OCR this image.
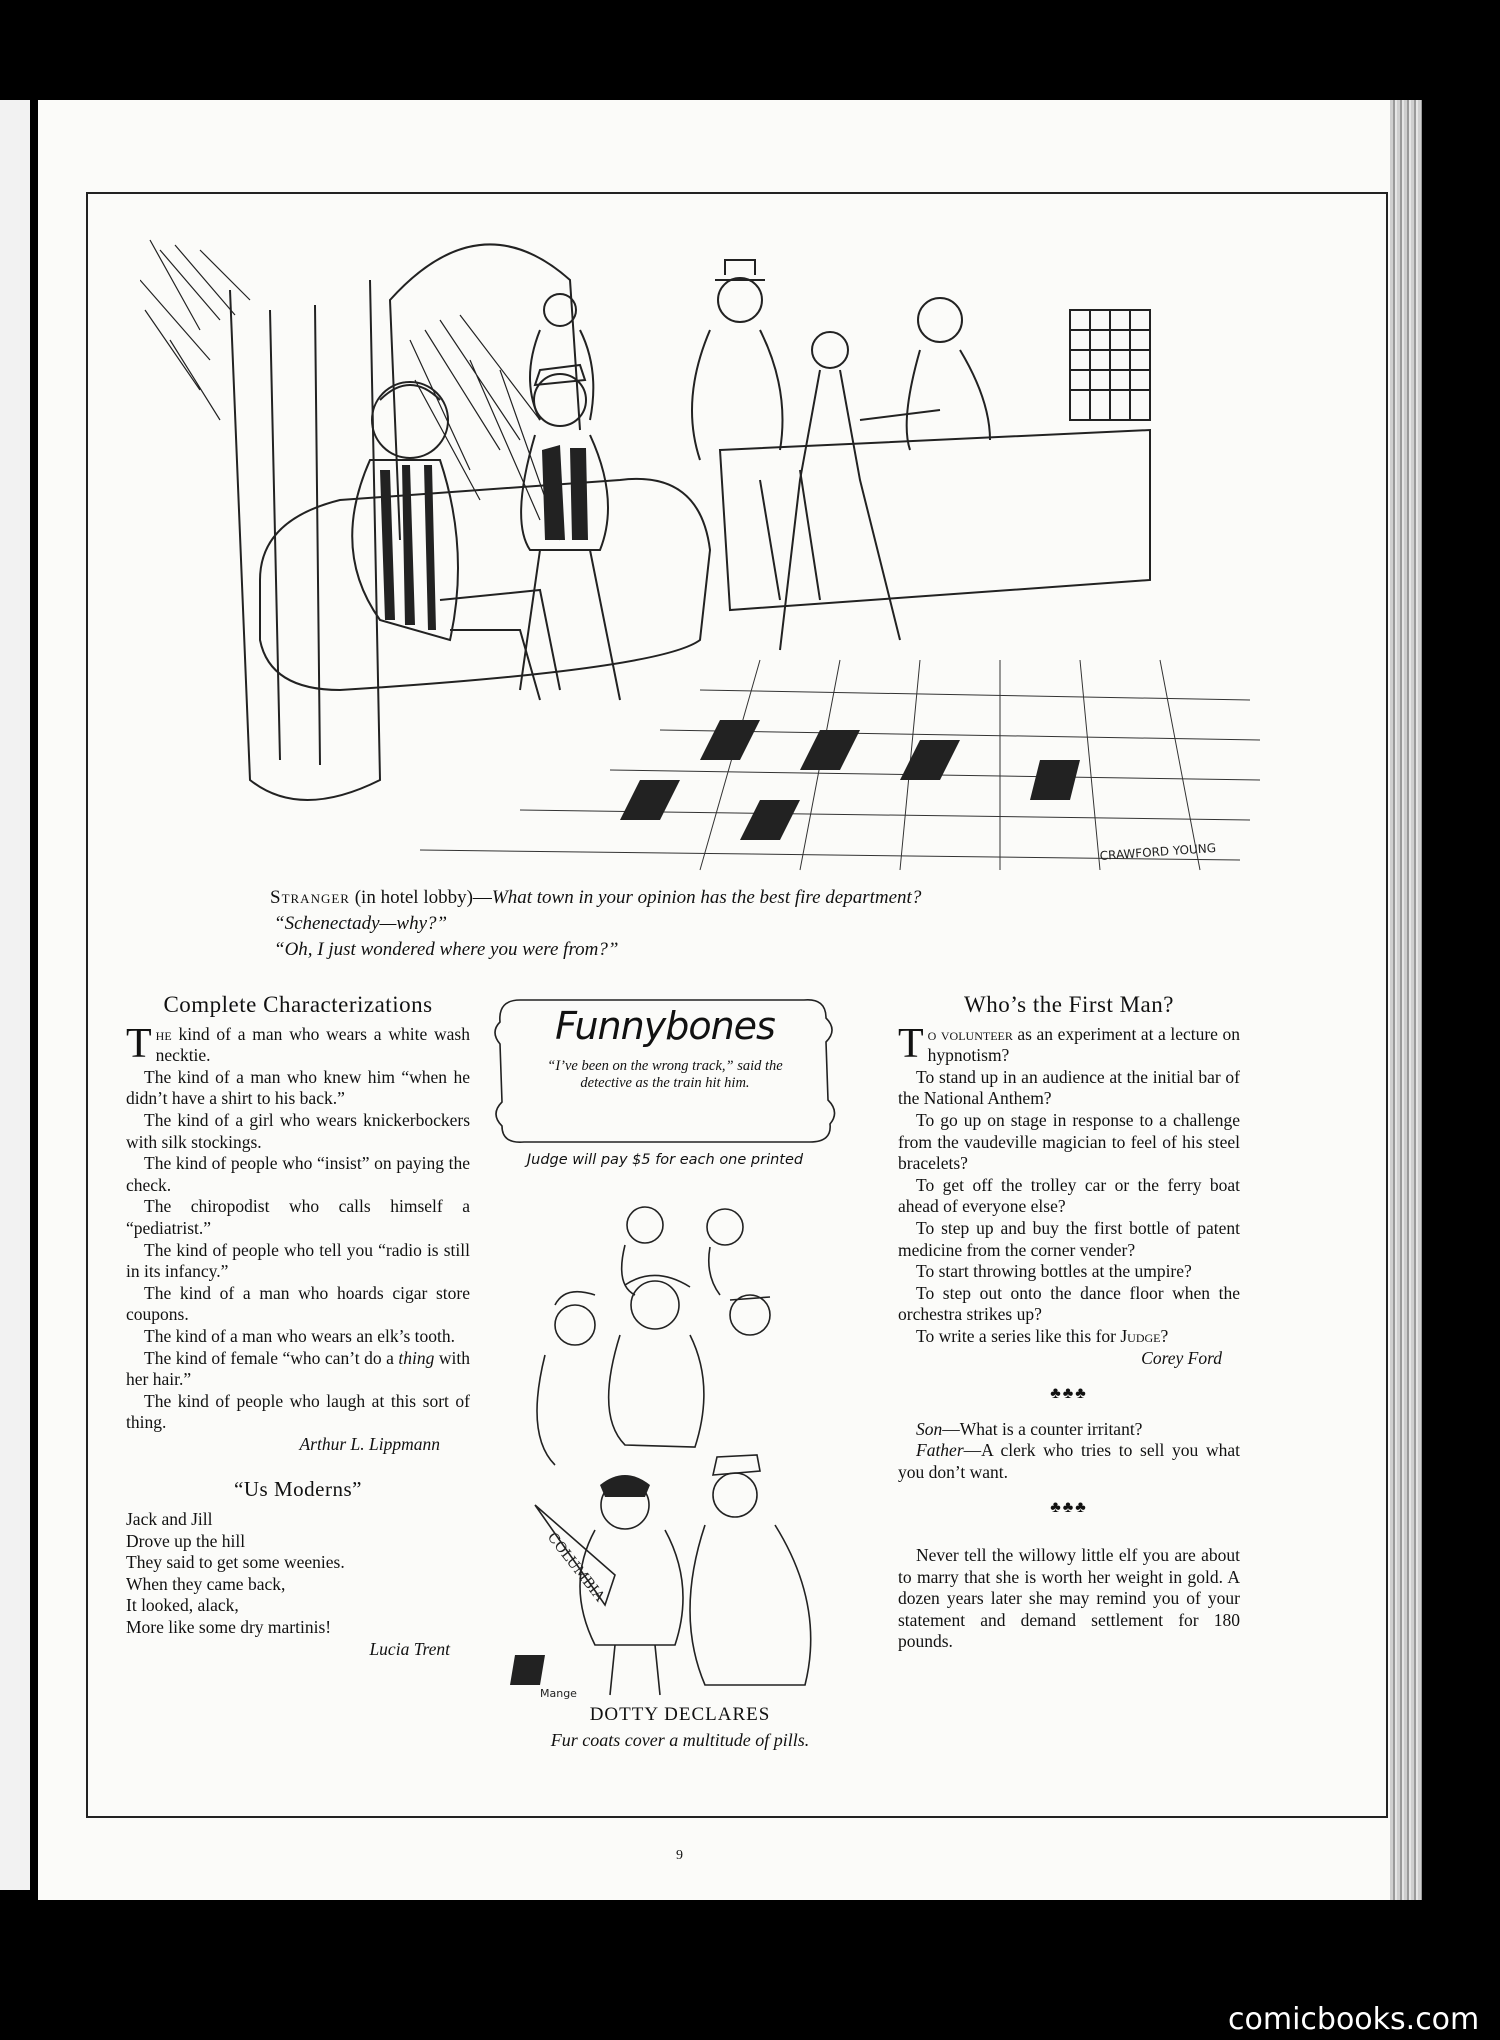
CRAWFORD YOUNG
Stranger (in hotel lobby)—What town in your opinion has the best fire department?
“Schenectady—why?”
“Oh, I just wondered where you were from?”
Complete Characterizations

The kind of a man who wears a white wash necktie.

The kind of a man who knew him “when he didn’t have a shirt to his back.”

The kind of a girl who wears knickerbockers with silk stockings.

The kind of people who “insist” on paying the check.

The chiropodist who calls himself a “pediatrist.”

The kind of people who tell you “radio is still in its infancy.”

The kind of a man who hoards cigar store coupons.

The kind of a man who wears an elk’s tooth.

The kind of female “who can’t do a thing with her hair.”

The kind of people who laugh at this sort of thing.

Arthur L. Lippmann
“Us Moderns”

Jack and Jill

Drove up the hill

They said to get some weenies.

When they came back,

It looked, alack,

More like some dry martinis!

Lucia Trent
Funnybones
“I’ve been on the wrong track,” said the detective as the train hit him.
Judge will pay $5 for each one printed
COLUMBIA
Mange
DOTTY DECLARES
Fur coats cover a multitude of pills.
Who’s the First Man?

To volunteer as an experiment at a lecture on hypnotism?

To stand up in an audience at the initial bar of the National Anthem?

To go up on stage in response to a challenge from the vaudeville magician to feel of his steel bracelets?

To get off the trolley car or the ferry boat ahead of everyone else?

To step up and buy the first bottle of patent medicine from the corner vender?

To start throwing bottles at the umpire?

To step out onto the dance floor when the orchestra strikes up?

To write a series like this for Judge?

Corey Ford
♣♣♣

Son—What is a counter irritant?

Father—A clerk who tries to sell you what you don’t want.

♣♣♣

Never tell the willowy little elf you are about to marry that she is worth her weight in gold. A dozen years later she may remind you of your statement and demand settlement for 180 pounds.

9
comicbooks.com
